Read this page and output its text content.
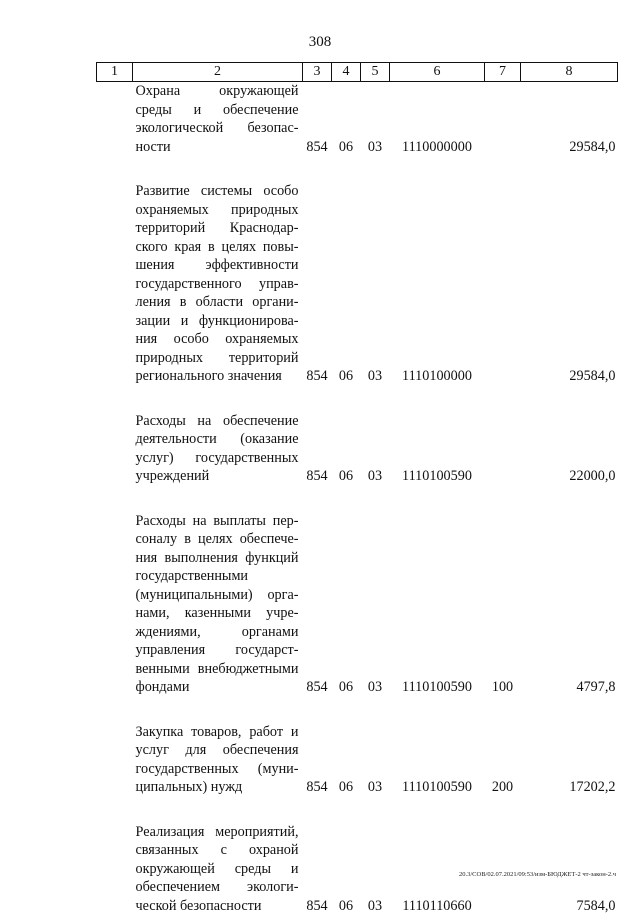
308
1	2	3	4	5	6	7	8
	Охрана окружающей среды и обеспечение экологической безопасности	854	06	03	1110000000		29584,0

	Развитие системы особо охраняемых природных территорий Краснодарского края в целях повышения эффективности государственного управления в области организации и функционирования особо охраняемых природных территорий регионального значения	854	06	03	1110100000		29584,0

	Расходы на обеспечение деятельности (оказание услуг) государственных учреждений	854	06	03	1110100590		22000,0

	Расходы на выплаты персоналу в целях обеспечения выполнения функций государственными (муниципальными) органами, казенными учреждениями, органами управления государственными внебюджетными фондами	854	06	03	1110100590	100	4797,8

	Закупка товаров, работ и услуг для обеспечения государственных (муниципальных) нужд	854	06	03	1110100590	200	17202,2

	Реализация мероприятий, связанных с охраной окружающей среды и обеспечением экологической безопасности	854	06	03	1110110660		7584,0
20.3/СОВ/02.07.2021/09:53/изм-БЮДЖЕТ-2 чт-закон-2.ч
